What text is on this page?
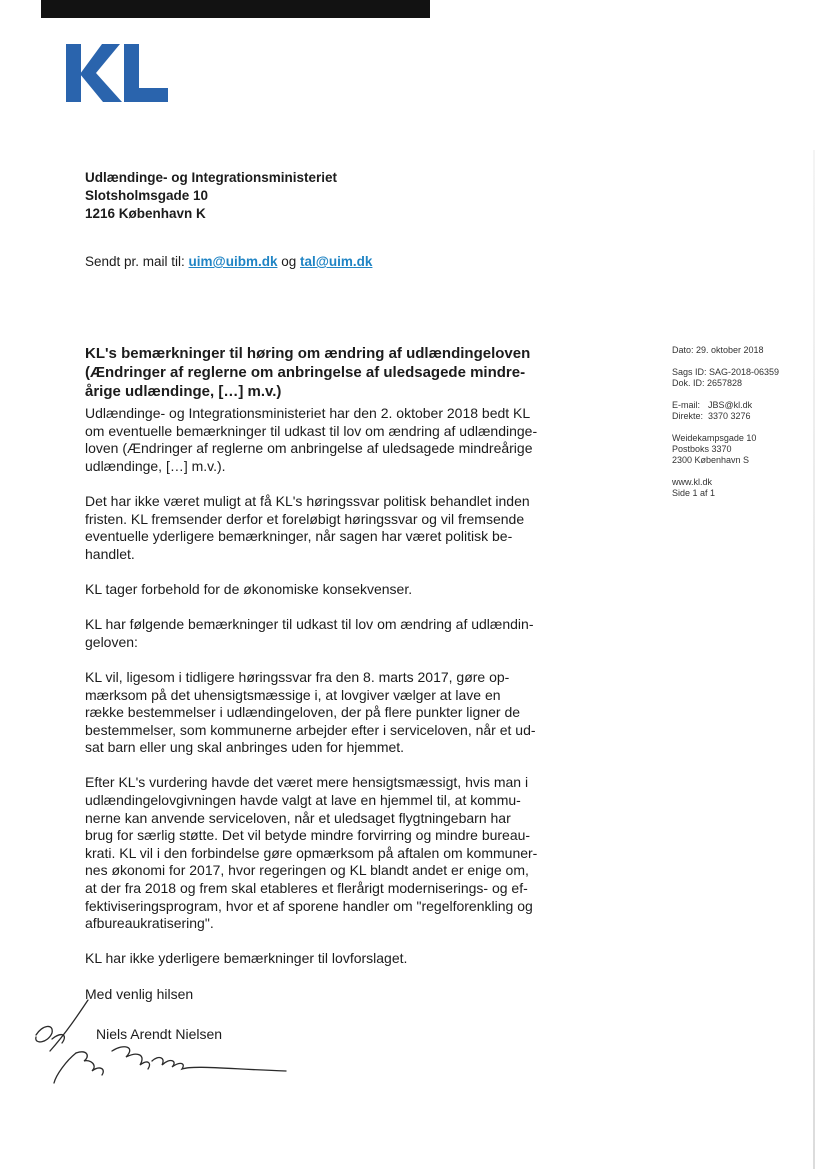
Udlændinge- og Integrationsministeriet
Slotsholmsgade 10
1216 København K
Sendt pr. mail til: uim@uibm.dk og tal@uim.dk
KL's bemærkninger til høring om ændring af udlændingeloven
(Ændringer af reglerne om anbringelse af uledsagede mindre-
årige udlændinge, […] m.v.)
Udlændinge- og Integrationsministeriet har den 2. oktober 2018 bedt KL
om eventuelle bemærkninger til udkast til lov om ændring af udlændinge-
loven (Ændringer af reglerne om anbringelse af uledsagede mindreårige
udlændinge, […] m.v.).
Det har ikke været muligt at få KL's høringssvar politisk behandlet inden
fristen. KL fremsender derfor et foreløbigt høringssvar og vil fremsende
eventuelle yderligere bemærkninger, når sagen har været politisk be-
handlet.
KL tager forbehold for de økonomiske konsekvenser.
KL har følgende bemærkninger til udkast til lov om ændring af udlændin-
geloven:
KL vil, ligesom i tidligere høringssvar fra den 8. marts 2017, gøre op-
mærksom på det uhensigtsmæssige i, at lovgiver vælger at lave en
række bestemmelser i udlændingeloven, der på flere punkter ligner de
bestemmelser, som kommunerne arbejder efter i serviceloven, når et ud-
sat barn eller ung skal anbringes uden for hjemmet.
Efter KL's vurdering havde det været mere hensigtsmæssigt, hvis man i
udlændingelovgivningen havde valgt at lave en hjemmel til, at kommu-
nerne kan anvende serviceloven, når et uledsaget flygtningebarn har
brug for særlig støtte. Det vil betyde mindre forvirring og mindre bureau-
krati. KL vil i den forbindelse gøre opmærksom på aftalen om kommuner-
nes økonomi for 2017, hvor regeringen og KL blandt andet er enige om,
at der fra 2018 og frem skal etableres et flerårigt moderniserings- og ef-
fektiviseringsprogram, hvor et af sporene handler om "regelforenkling og
afbureaukratisering".
KL har ikke yderligere bemærkninger til lovforslaget.
Med venlig hilsen
Niels Arendt Nielsen
Dato: 29. oktober 2018
Sags ID: SAG-2018-06359
Dok. ID: 2657828
E-mail: JBS@kl.dk
Direkte: 3370 3276
Weidekampsgade 10
Postboks 3370
2300 København S
www.kl.dk
Side 1 af 1
